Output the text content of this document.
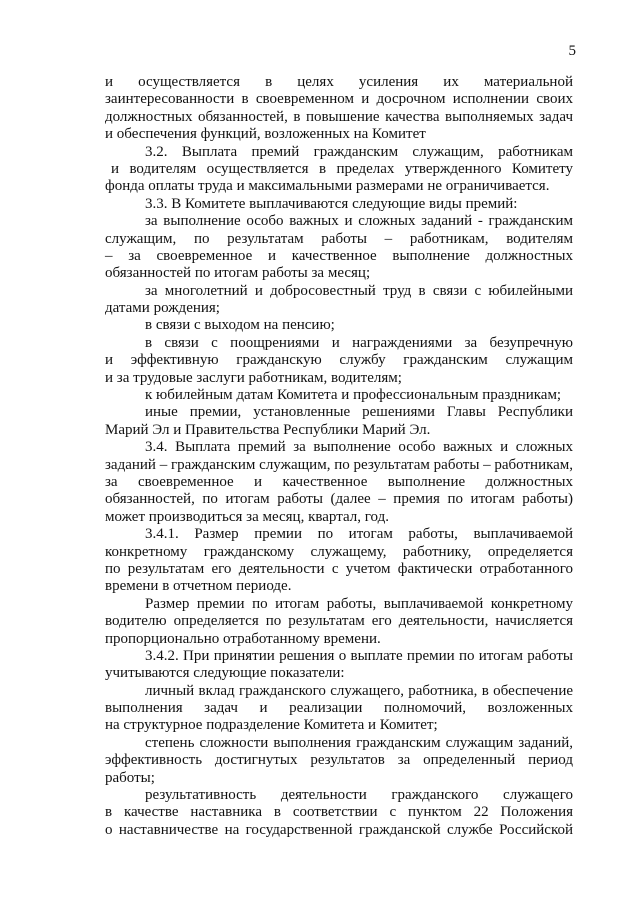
5
и осуществляется в целях усиления их материальной
заинтересованности в своевременном и досрочном исполнении своих
должностных обязанностей, в повышение качества выполняемых задач
и обеспечения функций, возложенных на Комитет
3.2. Выплата премий гражданским служащим, работникам
и водителям осуществляется в пределах утвержденного Комитету
фонда оплаты труда и максимальными размерами не ограничивается.
3.3. В Комитете выплачиваются следующие виды премий:
за выполнение особо важных и сложных заданий - гражданским
служащим, по результатам работы – работникам, водителям
– за своевременное и качественное выполнение должностных
обязанностей по итогам работы за месяц;
за многолетний и добросовестный труд в связи с юбилейными
датами рождения;
в связи с выходом на пенсию;
в связи с поощрениями и награждениями за безупречную
и эффективную гражданскую службу гражданским служащим
и за трудовые заслуги работникам, водителям;
к юбилейным датам Комитета и профессиональным праздникам;
иные премии, установленные решениями Главы Республики
Марий Эл и Правительства Республики Марий Эл.
3.4. Выплата премий за выполнение особо важных и сложных
заданий – гражданским служащим, по результатам работы – работникам,
за своевременное и качественное выполнение должностных
обязанностей, по итогам работы (далее – премия по итогам работы)
может производиться за месяц, квартал, год.
3.4.1. Размер премии по итогам работы, выплачиваемой
конкретному гражданскому служащему, работнику, определяется
по результатам его деятельности с учетом фактически отработанного
времени в отчетном периоде.
Размер премии по итогам работы, выплачиваемой конкретному
водителю определяется по результатам его деятельности, начисляется
пропорционально отработанному времени.
3.4.2. При принятии решения о выплате премии по итогам работы
учитываются следующие показатели:
личный вклад гражданского служащего, работника, в обеспечение
выполнения задач и реализации полномочий, возложенных
на структурное подразделение Комитета и Комитет;
степень сложности выполнения гражданским служащим заданий,
эффективность достигнутых результатов за определенный период
работы;
результативность деятельности гражданского служащего
в качестве наставника в соответствии с пунктом 22 Положения
о наставничестве на государственной гражданской службе Российской
